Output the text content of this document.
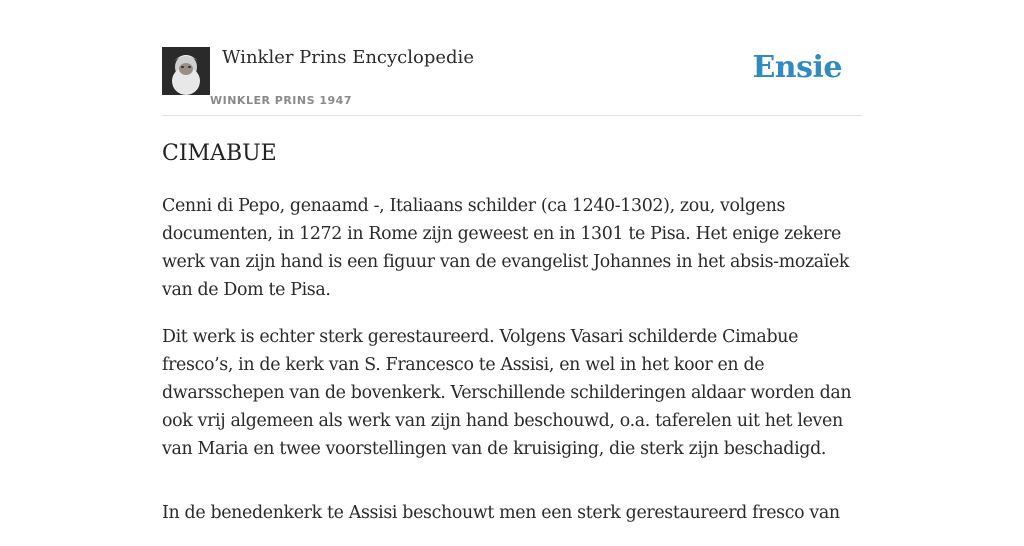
Winkler Prins Encyclopedie
WINKLER PRINS 1947
Ensie
CIMABUE

Cenni di Pepo, genaamd -, Italiaans schilder (ca 1240-1302), zou, volgens documenten, in 1272 in Rome zijn geweest en in 1301 te Pisa. Het enige zekere werk van zijn hand is een figuur van de evangelist Johannes in het absis-mozaïek van de Dom te Pisa.

Dit werk is echter sterk gerestaureerd. Volgens Vasari schilderde Cimabue fresco’s, in de kerk van S. Francesco te Assisi, en wel in het koor en de dwarsschepen van de bovenkerk. Verschillende schilderingen aldaar worden dan ook vrij algemeen als werk van zijn hand beschouwd, o.a. taferelen uit het leven van Maria en twee voorstellingen van de kruisiging, die sterk zijn beschadigd.

In de benedenkerk te Assisi beschouwt men een sterk gerestaureerd fresco van
